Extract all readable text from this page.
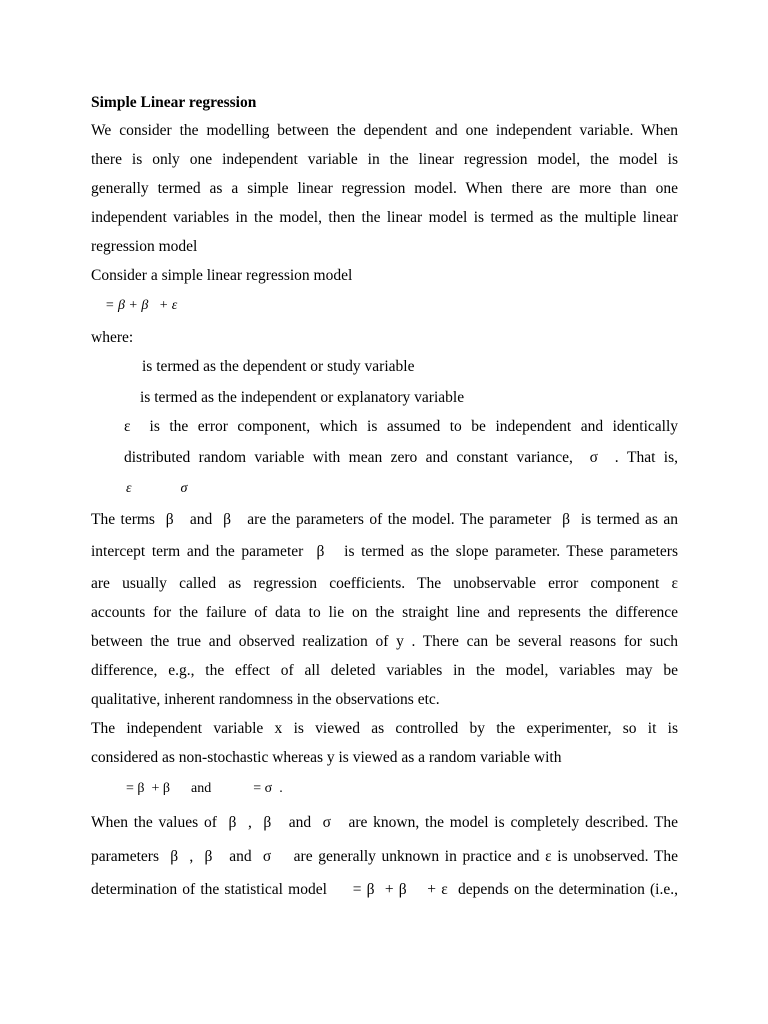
Simple Linear regression
We consider the modelling between the dependent and one independent variable. When
there is only one independent variable in the linear regression model, the model is
generally termed as a simple linear regression model. When there are more than one
independent variables in the model, then the linear model is termed as the multiple linear
regression model
Consider a simple linear regression model
= β + β   + ε
where:
is termed as the dependent or study variable
is termed as the independent or explanatory variable
ε  is the error component, which is assumed to be independent and identically
distributed random variable with mean zero and constant variance,  σ  . That is,
ε              σ
The terms  β   and  β   are the parameters of the model. The parameter  β  is termed as an
intercept term and the parameter  β   is termed as the slope parameter. These parameters
are usually called as regression coefficients. The unobservable error component ε
accounts for the failure of data to lie on the straight line and represents the difference
between the true and observed realization of y . There can be several reasons for such
difference, e.g., the effect of all deleted variables in the model, variables may be
qualitative, inherent randomness in the observations etc.
The independent variable x is viewed as controlled by the experimenter, so it is
considered as non-stochastic whereas y is viewed as a random variable with
= β  + β      and            = σ  .
When the values of  β  ,  β   and  σ   are known, the model is completely described. The
parameters  β  ,  β   and  σ    are generally unknown in practice and ε is unobserved. The
determination of the statistical model     = β  + β    + ε  depends on the determination (i.e.,
